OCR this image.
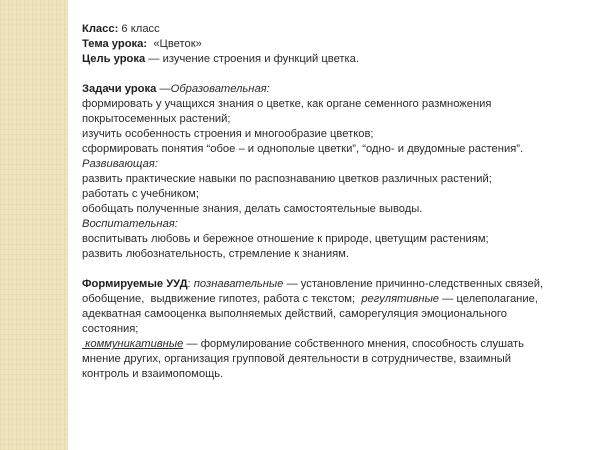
Класс: 6 класс
Тема урока:  «Цветок»
Цель урока — изучение строения и функций цветка.
Задачи урока —Образовательная:
формировать у учащихся знания о цветке, как органе семенного размножения
покрытосеменных растений;
изучить особенность строения и многообразие цветков;
сформировать понятия “обое – и однополые цветки”, “одно- и двудомные растения”.
Развивающая:
развить практические навыки по распознаванию цветков различных растений;
работать с учебником;
обобщать полученные знания, делать самостоятельные выводы.
Воспитательная:
воспитывать любовь и бережное отношение к природе, цветущим растениям;
развить любознательность, стремление к знаниям.
Формируемые УУД: познавательные — установление причинно-следственных связей,
обобщение,  выдвижение гипотез, работа с текстом;  регулятивные — целеполагание,
адекватная самооценка выполняемых действий, саморегуляция эмоционального
состояния;
коммуникативные — формулирование собственного мнения, способность слушать
мнение других, организация групповой деятельности в сотрудничестве, взаимный
контроль и взаимопомощь.
